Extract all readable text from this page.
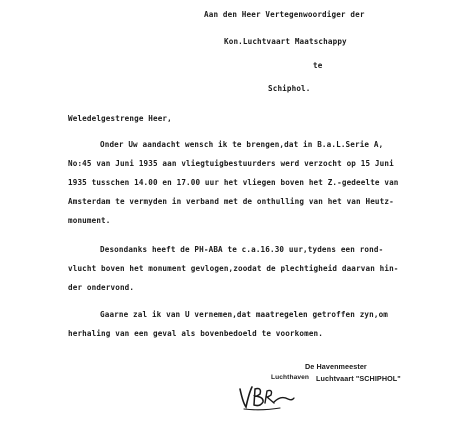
Aan den Heer Vertegenwoordiger der
Kon.Luchtvaart Maatschappy
te
Schiphol.
Weledelgestrenge Heer,
Onder Uw aandacht wensch ik te brengen,dat in B.a.L.Serie A,
No:45 van Juni 1935 aan vliegtuigbestuurders werd verzocht op 15 Juni
1935 tusschen 14.00 en 17.00 uur het vliegen boven het Z.-gedeelte van
Amsterdam te vermyden in verband met de onthulling van het van Heutz-
monument.
Desondanks heeft de PH-ABA te c.a.16.30 uur,tydens een rond-
vlucht boven het monument gevlogen,zoodat de plechtigheid daarvan hin-
der ondervond.
Gaarne zal ik van U vernemen,dat maatregelen getroffen zyn,om
herhaling van een geval als bovenbedoeld te voorkomen.
De Havenmeester
Luchthaven Luchtvaart "SCHIPHOL"
